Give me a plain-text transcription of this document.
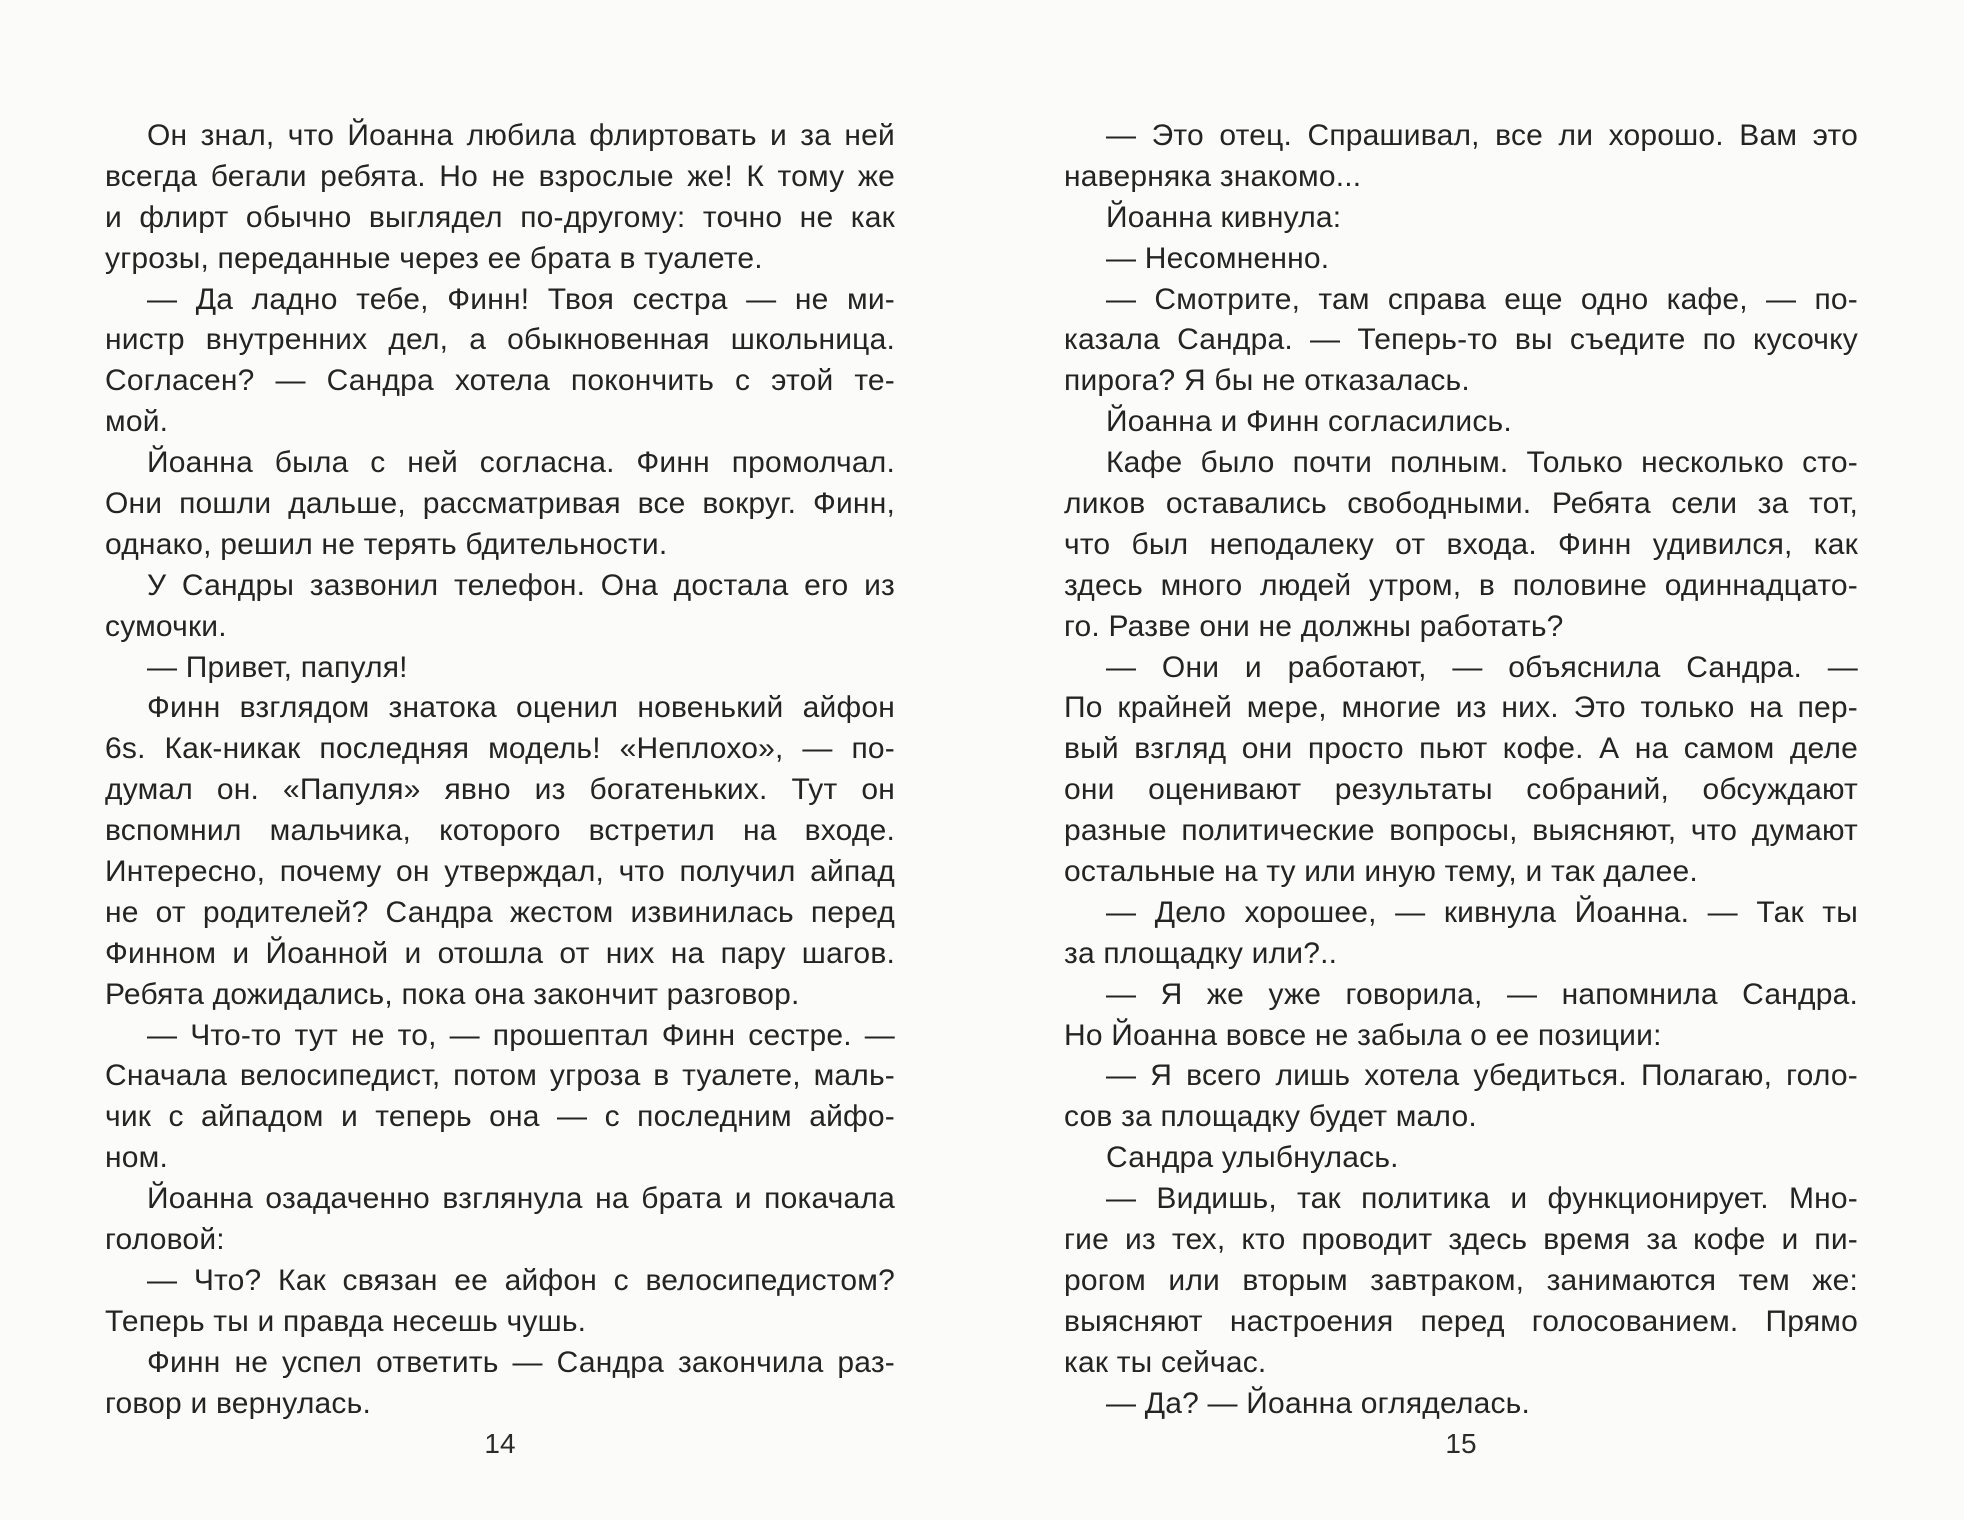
Он знал, что Йоанна любила флиртовать и за ней
всегда бегали ребята. Но не взрослые же! К тому же
и флирт обычно выглядел по-другому: точно не как
угрозы, переданные через ее брата в туалете.
— Да ладно тебе, Финн! Твоя сестра — не ми-
нистр внутренних дел, а обыкновенная школьница.
Согласен? — Сандра хотела покончить с этой те-
мой.
Йоанна была с ней согласна. Финн промолчал.
Они пошли дальше, рассматривая все вокруг. Финн,
однако, решил не терять бдительности.
У Сандры зазвонил телефон. Она достала его из
сумочки.
— Привет, папуля!
Финн взглядом знатока оценил новенький айфон
6s. Как-никак последняя модель! «Неплохо», — по-
думал он. «Папуля» явно из богатеньких. Тут он
вспомнил мальчика, которого встретил на входе.
Интересно, почему он утверждал, что получил айпад
не от родителей? Сандра жестом извинилась перед
Финном и Йоанной и отошла от них на пару шагов.
Ребята дожидались, пока она закончит разговор.
— Что-то тут не то, — прошептал Финн сестре. —
Сначала велосипедист, потом угроза в туалете, маль-
чик с айпадом и теперь она — с последним айфо-
ном.
Йоанна озадаченно взглянула на брата и покачала
головой:
— Что? Как связан ее айфон с велосипедистом?
Теперь ты и правда несешь чушь.
Финн не успел ответить — Сандра закончила раз-
говор и вернулась.
— Это отец. Спрашивал, все ли хорошо. Вам это
наверняка знакомо...
Йоанна кивнула:
— Несомненно.
— Смотрите, там справа еще одно кафе, — по-
казала Сандра. — Теперь-то вы съедите по кусочку
пирога? Я бы не отказалась.
Йоанна и Финн согласились.
Кафе было почти полным. Только несколько сто-
ликов оставались свободными. Ребята сели за тот,
что был неподалеку от входа. Финн удивился, как
здесь много людей утром, в половине одиннадцато-
го. Разве они не должны работать?
— Они и работают, — объяснила Сандра. —
По крайней мере, многие из них. Это только на пер-
вый взгляд они просто пьют кофе. А на самом деле
они оценивают результаты собраний, обсуждают
разные политические вопросы, выясняют, что думают
остальные на ту или иную тему, и так далее.
— Дело хорошее, — кивнула Йоанна. — Так ты
за площадку или?..
— Я же уже говорила, — напомнила Сандра.
Но Йоанна вовсе не забыла о ее позиции:
— Я всего лишь хотела убедиться. Полагаю, голо-
сов за площадку будет мало.
Сандра улыбнулась.
— Видишь, так политика и функционирует. Мно-
гие из тех, кто проводит здесь время за кофе и пи-
рогом или вторым завтраком, занимаются тем же:
выясняют настроения перед голосованием. Прямо
как ты сейчас.
— Да? — Йоанна огляделась.
14	15
